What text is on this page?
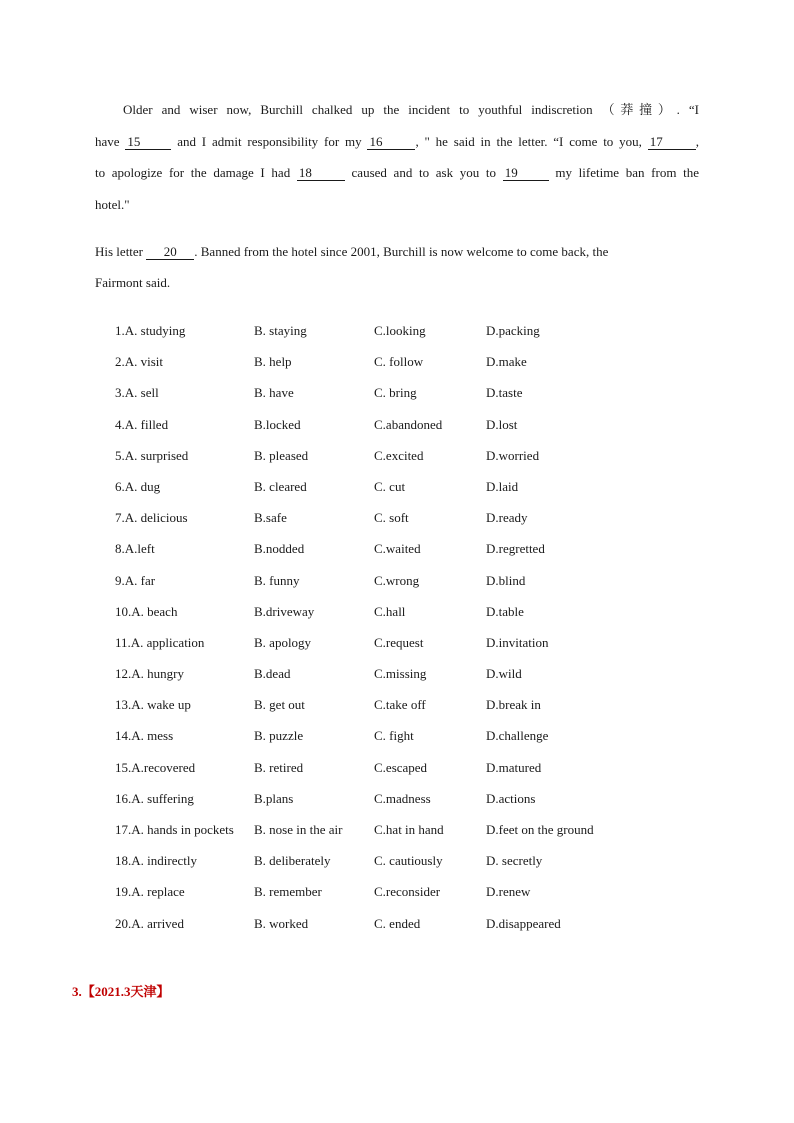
Older and wiser now, Burchill chalked up the incident to youthful indiscretion （莽撞）. “I

have 15 and I admit responsibility for my 16	, " he said in the letter. “I come to you, 17	,

to apologize for the damage I had 18	caused and to ask you to 19 my lifetime ban from the

hotel."

His letter 20 . Banned from the hotel since 2001, Burchill is now welcome to come back, the

Fairmont said.

1.A. studying	B. staying	C.looking	D.packing
2.A. visit	B. help	C. follow	D.make
3.A. sell	B. have	C. bring	D.taste
4.A. filled	B.locked	C.abandoned	D.lost
5.A. surprised	B. pleased	C.excited	D.worried
6.A. dug	B. cleared	C. cut	D.laid
7.A. delicious	B.safe	C. soft	D.ready
8.A.left	B.nodded	C.waited	D.regretted
9.A. far	B. funny	C.wrong	D.blind
10.A. beach	B.driveway	C.hall	D.table
11.A. application	B. apology	C.request	D.invitation
12.A. hungry	B.dead	C.missing	D.wild
13.A. wake up	B. get out	C.take off	D.break in
14.A. mess	B. puzzle	C. fight	D.challenge
15.A.recovered	B. retired	C.escaped	D.matured
16.A. suffering	B.plans	C.madness	D.actions
17.A. hands in pockets B. nose in the air C.hat in hand	D.feet on the ground
18.A. indirectly	B. deliberately	C. cautiously	D. secretly
19.A. replace	B. remember	C.reconsider	D.renew
20.A. arrived	B. worked	C. ended	D.disappeared
3.【2021.3天津】
